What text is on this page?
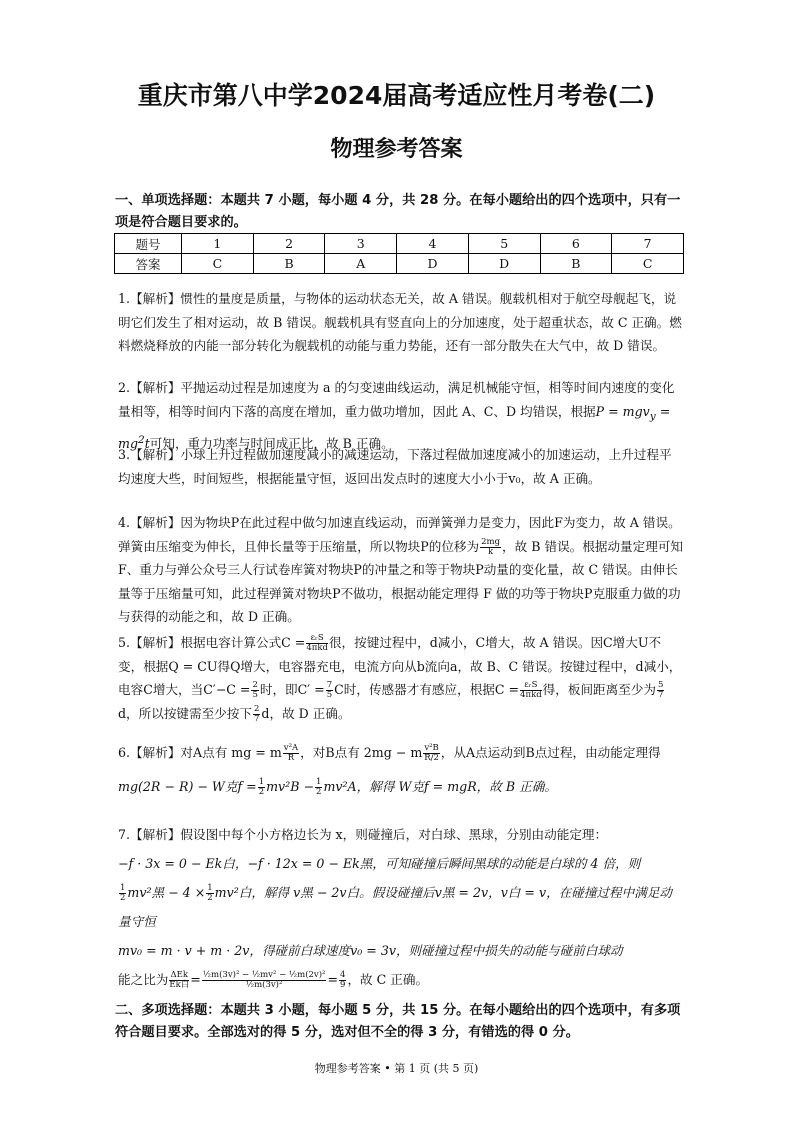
重庆市第八中学2024届高考适应性月考卷(二)
物理参考答案
一、单项选择题：本题共 7 小题，每小题 4 分，共 28 分。在每小题给出的四个选项中，只有一项是符合题目要求的。
题号	1	2	3	4	5	6	7
答案	C	B	A	D	D	B	C

1.【解析】惯性的量度是质量，与物体的运动状态无关，故 A 错误。舰载机相对于航空母舰起飞，说明它们发生了相对运动，故 B 错误。舰载机具有竖直向上的分加速度，处于超重状态，故 C 正确。燃料燃烧释放的内能一部分转化为舰载机的动能与重力势能，还有一部分散失在大气中，故 D 错误。

2.【解析】平抛运动过程是加速度为 a 的匀变速曲线运动，满足机械能守恒，相等时间内速度的变化量相等，相等时间内下落的高度在增加，重力做功增加，因此 A、C、D 均错误，根据$P = mgv_y = mg^2t$可知，重力功率与时间成正比，故 B 正确。

3.【解析】小球上升过程做加速度减小的减速运动，下落过程做加速度减小的加速运动，上升过程平均速度大些，时间短些，根据能量守恒，返回出发点时的速度大小小于v₀，故 A 正确。

4.【解析】因为物块P在此过程中做匀加速直线运动，而弹簧弹力是变力，因此F为变力，故 A 错误。弹簧由压缩变为伸长，且伸长量等于压缩量，所以物块P的位移为 $\frac{2mg}{k}$ ，故 B 错误。根据动量定理可知F、重力与弹公众号三人行试卷库簧对物块P的冲量之和等于物块P动量的变化量，故 C 错误。由伸长量等于压缩量可知，此过程弹簧对物块P不做功，根据动能定理得 F 做的功等于物块P克服重力做的功与获得的动能之和，故 D 正确。

5.【解析】根据电容计算公式$C = \frac{\text{εᵣS}}{\text{4πkd}}$ 很，按键过程中，d减小，C增大，故 A 错误。因C增大U不变，根据Q = CU得Q增大，电容器充电，电流方向从b流向a，故 B、C 错误。按键过程中，d减小，电容C增大，当$C'-C = \frac{2}{5}$ 时，即$C' = \frac{7}{5}$ C时，传感器才有感应，根据$C = \frac{\text{εᵣS}}{\text{4πkd}}$ 得，板间距离至少为 $\frac{5}{7}$
d，所以按键需至少按下 $\frac{2}{7}$ d，故 D 正确。

6.【解析】对A点有 mg = m $\frac{\text{v²A}}{R}$ ，对B点有 2mg − m $\frac{\text{v²B}}{R/2}$ ，从A点运动到B点过程，由动能定理得

mg(2R − R) − W克$f = \frac{1}{2} mv^2B - \frac{1}{2} mv^2A$，解得 W克f = mgR，故 B 正确。

7.【解析】假设图中每个小方格边长为 x，则碰撞后，对白球、黑球，分别由动能定理：

−f · 3x = 0 − Ek白，−f · 12x = 0 − Ek黑，可知碰撞后瞬间黑球的动能是白球的 4 倍，则

$\frac{1}{2} mv^2$黑 − $4 \times \frac{1}{2} mv^2$白，解得 v黑 − 2v白。假设碰撞后v黑 = 2v，v白 = v，在碰撞过程中满足动量守恒

mv₀ = m · v + m · 2v，得碰前白球速度v₀ = 3v，则碰撞过程中损失的动能与碰前白球动

能之比为 $\frac{\text{ΔEk}}{\text{Ek白}} = \frac{\text{½m(3v)² − ½mv² − ½m(2v)²}}{\text{½m(3v)²}} = \frac{4}{9}$ ，故 C 正确。

二、多项选择题：本题共 3 小题，每小题 5 分，共 15 分。在每小题给出的四个选项中，有多项符合题目要求。全部选对的得 5 分，选对但不全的得 3 分，有错选的得 0 分。
物理参考答案 • 第 1 页 (共 5 页)
